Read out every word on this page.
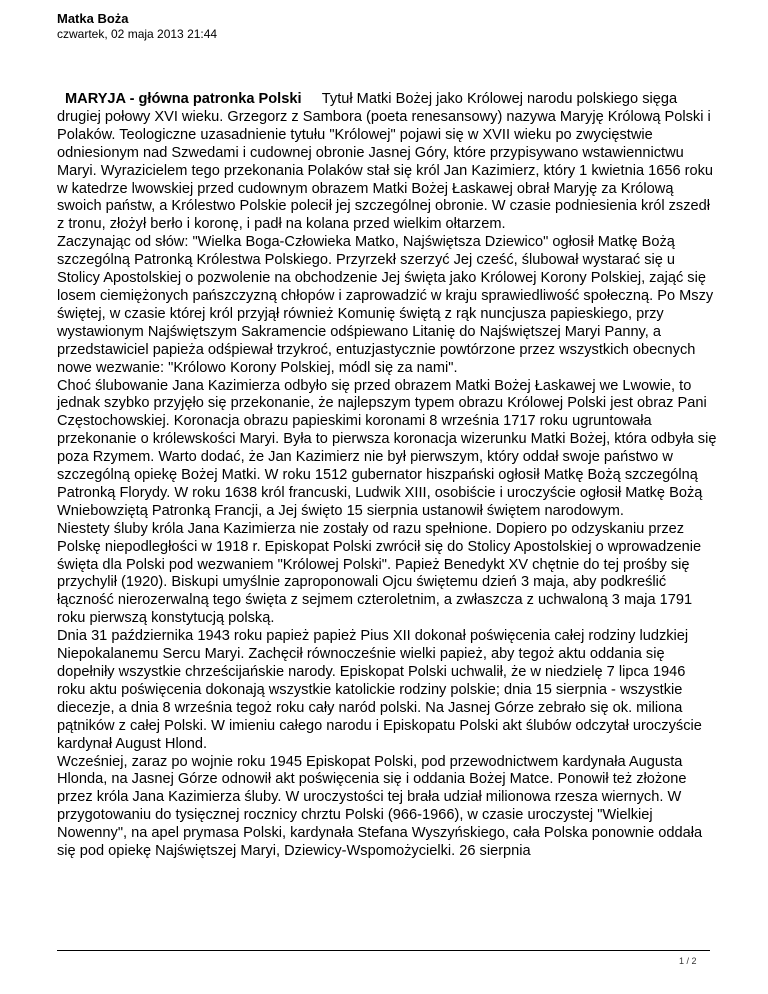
Matka Boża

czwartek, 02 maja 2013 21:44

MARYJA - główna patronka Polski Tytuł Matki Bożej jako Królowej narodu polskiego sięga drugiej połowy XVI wieku. Grzegorz z Sambora (poeta renesansowy) nazywa Maryję Królową Polski i Polaków. Teologiczne uzasadnienie tytułu "Królowej" pojawi się w XVII wieku po zwycięstwie odniesionym nad Szwedami i cudownej obronie Jasnej Góry, które przypisywano wstawiennictwu Maryi. Wyrazicielem tego przekonania Polaków stał się król Jan Kazimierz, który 1 kwietnia 1656 roku w katedrze lwowskiej przed cudownym obrazem Matki Bożej Łaskawej obrał Maryję za Królową swoich państw, a Królestwo Polskie polecił jej szczególnej obronie. W czasie podniesienia król zszedł z tronu, złożył berło i koronę, i padł na kolana przed wielkim ołtarzem.

Zaczynając od słów: "Wielka Boga-Człowieka Matko, Najświętsza Dziewico" ogłosił Matkę Bożą szczególną Patronką Królestwa Polskiego. Przyrzekł szerzyć Jej cześć, ślubował wystarać się u Stolicy Apostolskiej o pozwolenie na obchodzenie Jej święta jako Królowej Korony Polskiej, zająć się losem ciemiężonych pańszczyzną chłopów i zaprowadzić w kraju sprawiedliwość społeczną. Po Mszy świętej, w czasie której król przyjął również Komunię świętą z rąk nuncjusza papieskiego, przy wystawionym Najświętszym Sakramencie odśpiewano Litanię do Najświętszej Maryi Panny, a przedstawiciel papieża odśpiewał trzykroć, entuzjastycznie powtórzone przez wszystkich obecnych nowe wezwanie: "Królowo Korony Polskiej, módl się za nami".

Choć ślubowanie Jana Kazimierza odbyło się przed obrazem Matki Bożej Łaskawej we Lwowie, to jednak szybko przyjęło się przekonanie, że najlepszym typem obrazu Królowej Polski jest obraz Pani Częstochowskiej. Koronacja obrazu papieskimi koronami 8 września 1717 roku ugruntowała przekonanie o królewskości Maryi. Była to pierwsza koronacja wizerunku Matki Bożej, która odbyła się poza Rzymem. Warto dodać, że Jan Kazimierz nie był pierwszym, który oddał swoje państwo w szczególną opiekę Bożej Matki. W roku 1512 gubernator hiszpański ogłosił Matkę Bożą szczególną Patronką Florydy. W roku 1638 król francuski, Ludwik XIII, osobiście i uroczyście ogłosił Matkę Bożą Wniebowziętą Patronką Francji, a Jej święto 15 sierpnia ustanowił świętem narodowym.

Niestety śluby króla Jana Kazimierza nie zostały od razu spełnione. Dopiero po odzyskaniu przez Polskę niepodległości w 1918 r. Episkopat Polski zwrócił się do Stolicy Apostolskiej o wprowadzenie święta dla Polski pod wezwaniem "Królowej Polski". Papież Benedykt XV chętnie do tej prośby się przychylił (1920). Biskupi umyślnie zaproponowali Ojcu świętemu dzień 3 maja, aby podkreślić łączność nierozerwalną tego święta z sejmem czteroletnim, a zwłaszcza z uchwaloną 3 maja 1791 roku pierwszą konstytucją polską.

Dnia 31 października 1943 roku papież papież Pius XII dokonał poświęcenia całej rodziny ludzkiej Niepokalanemu Sercu Maryi. Zachęcił równocześnie wielki papież, aby tegoż aktu oddania się dopełniły wszystkie chrześcijańskie narody. Episkopat Polski uchwalił, że w niedzielę 7 lipca 1946 roku aktu poświęcenia dokonają wszystkie katolickie rodziny polskie; dnia 15 sierpnia - wszystkie diecezje, a dnia 8 września tegoż roku cały naród polski. Na Jasnej Górze zebrało się ok. miliona pątników z całej Polski. W imieniu całego narodu i Episkopatu Polski akt ślubów odczytał uroczyście kardynał August Hlond.

Wcześniej, zaraz po wojnie roku 1945 Episkopat Polski, pod przewodnictwem kardynała Augusta Hlonda, na Jasnej Górze odnowił akt poświęcenia się i oddania Bożej Matce. Ponowił też złożone przez króla Jana Kazimierza śluby. W uroczystości tej brała udział milionowa rzesza wiernych. W przygotowaniu do tysięcznej rocznicy chrztu Polski (966-1966), w czasie uroczystej "Wielkiej Nowenny", na apel prymasa Polski, kardynała Stefana Wyszyńskiego, cała Polska ponownie oddała się pod opiekę Najświętszej Maryi, Dziewicy-Wspomożycielki. 26 sierpnia

1 / 2
